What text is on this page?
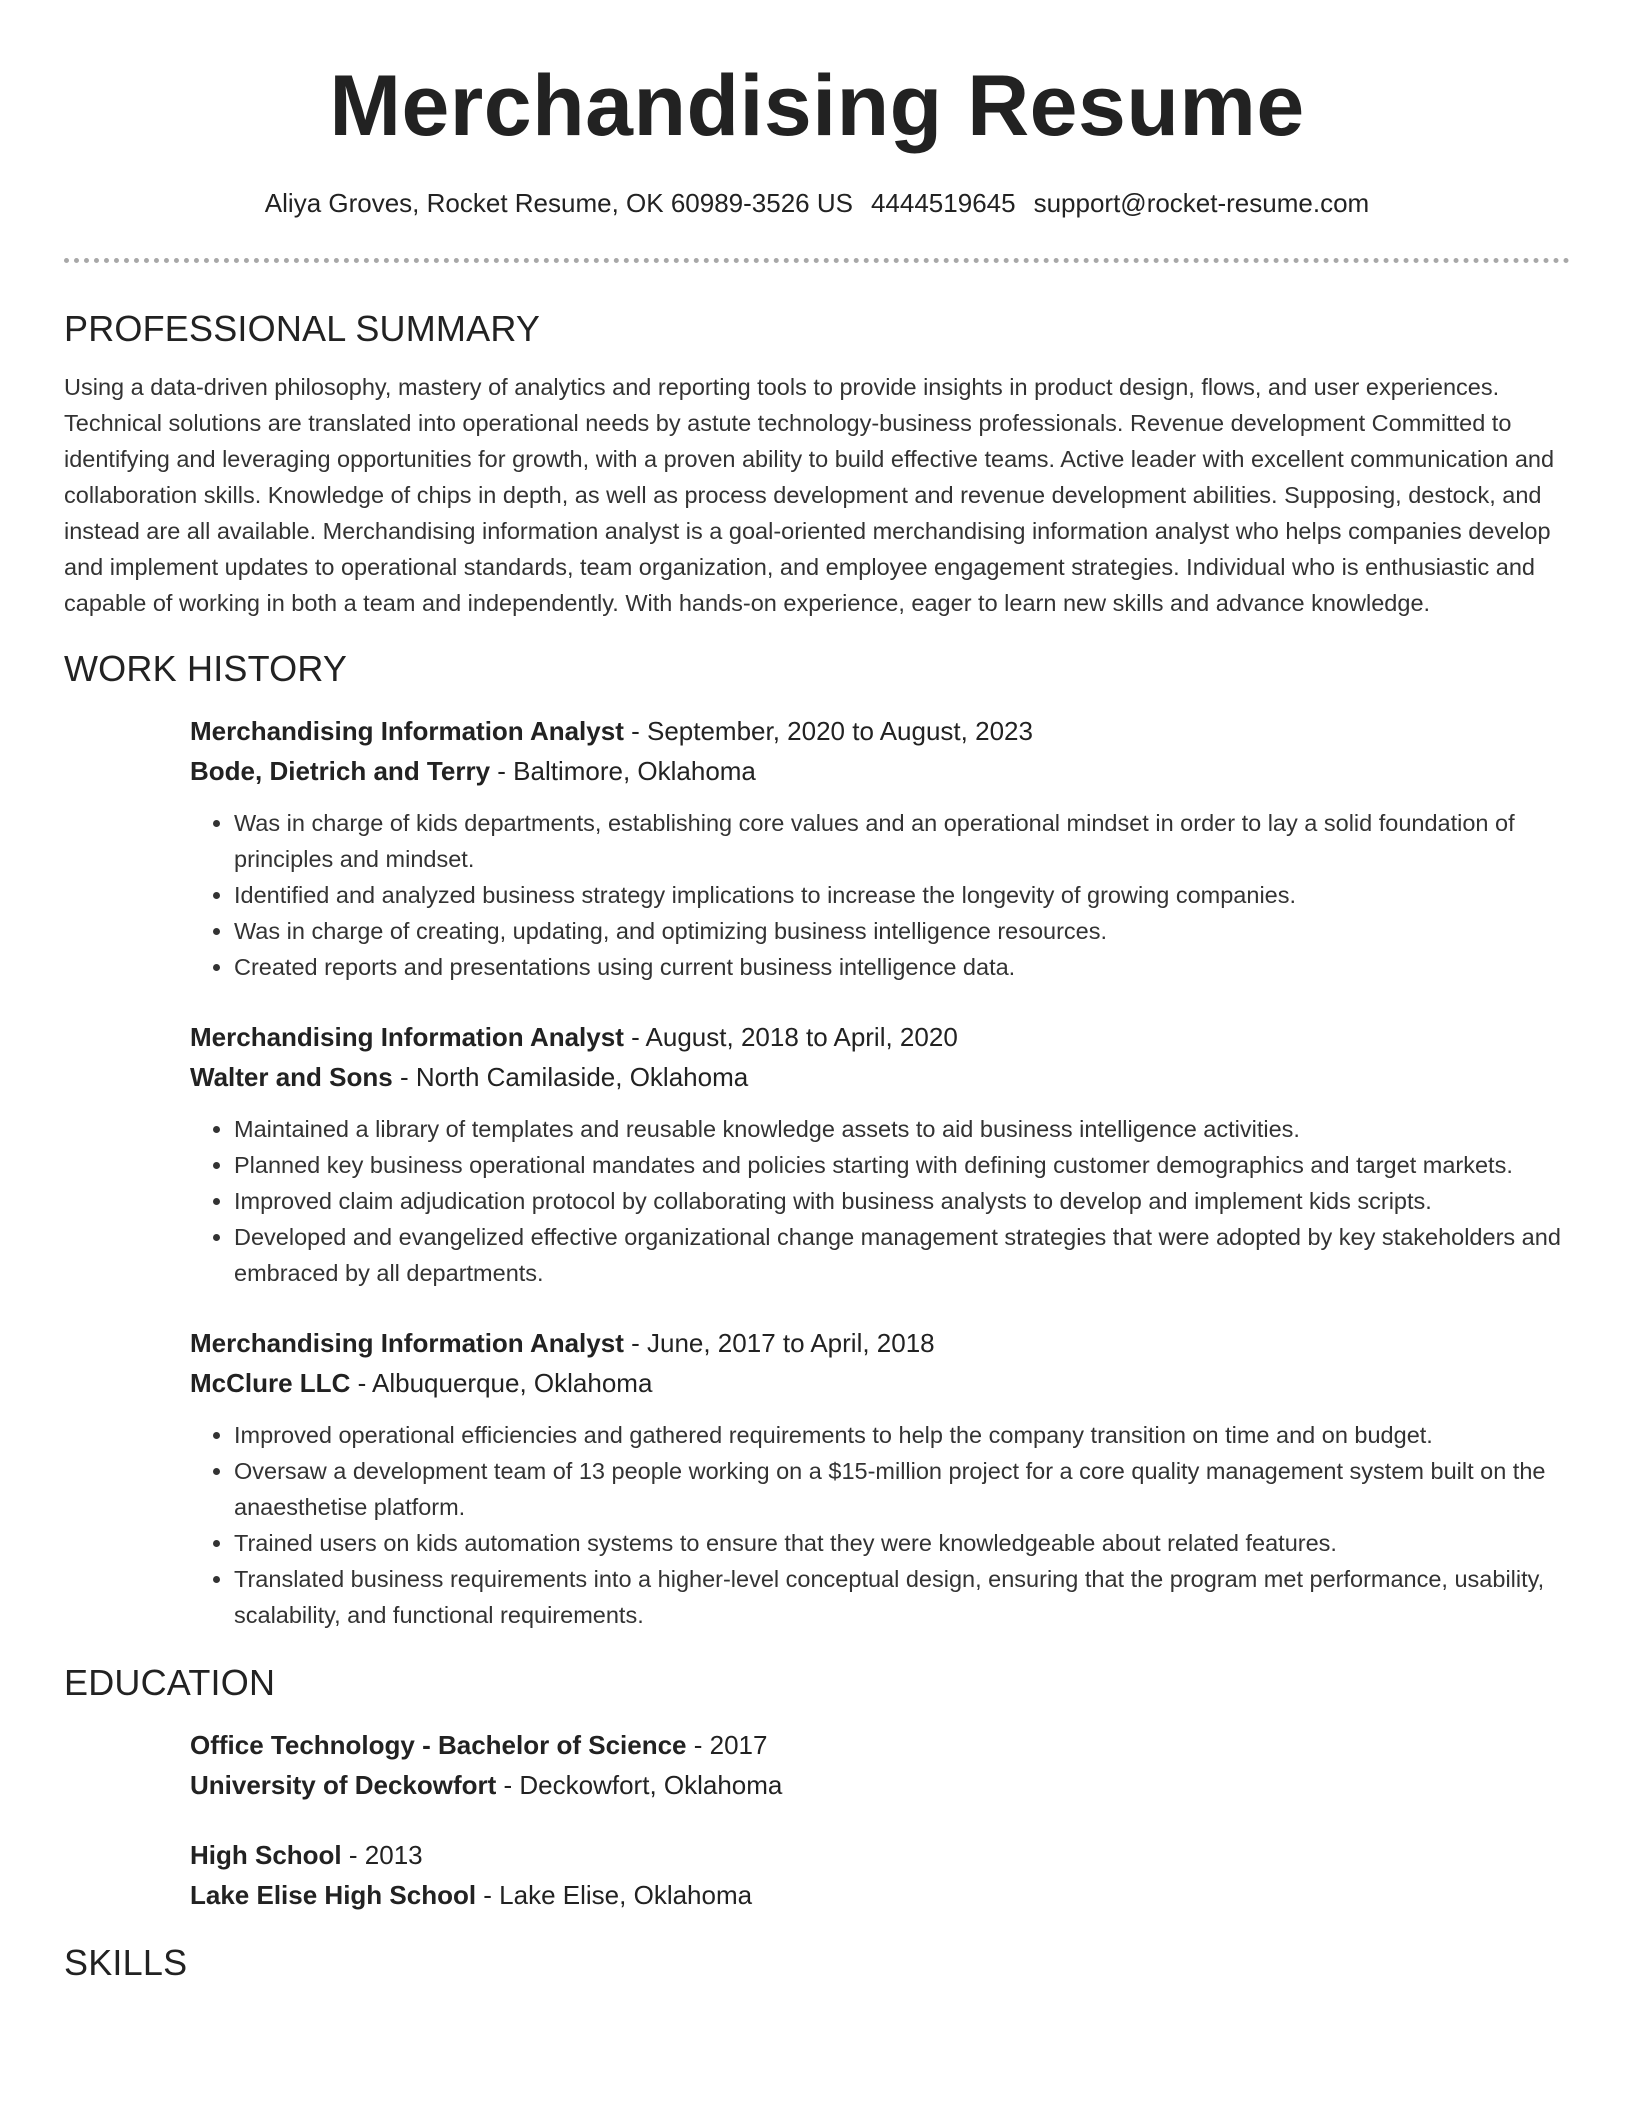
Merchandising Resume
Aliya Groves, Rocket Resume, OK 60989-3526 US 4444519645 support@rocket-resume.com
PROFESSIONAL SUMMARY

Using a data-driven philosophy, mastery of analytics and reporting tools to provide insights in product design, flows, and user experiences. Technical solutions are translated into operational needs by astute technology-business professionals. Revenue development Committed to identifying and leveraging opportunities for growth, with a proven ability to build effective teams. Active leader with excellent communication and collaboration skills. Knowledge of chips in depth, as well as process development and revenue development abilities. Supposing, destock, and instead are all available. Merchandising information analyst is a goal-oriented merchandising information analyst who helps companies develop and implement updates to operational standards, team organization, and employee engagement strategies. Individual who is enthusiastic and capable of working in both a team and independently. With hands-on experience, eager to learn new skills and advance knowledge.

WORK HISTORY
Merchandising Information Analyst - September, 2020 to August, 2023
Bode, Dietrich and Terry - Baltimore, Oklahoma
• Was in charge of kids departments, establishing core values and an operational mindset in order to lay a solid foundation of principles and mindset.
• Identified and analyzed business strategy implications to increase the longevity of growing companies.
• Was in charge of creating, updating, and optimizing business intelligence resources.
• Created reports and presentations using current business intelligence data.
Merchandising Information Analyst - August, 2018 to April, 2020
Walter and Sons - North Camilaside, Oklahoma
• Maintained a library of templates and reusable knowledge assets to aid business intelligence activities.
• Planned key business operational mandates and policies starting with defining customer demographics and target markets.
• Improved claim adjudication protocol by collaborating with business analysts to develop and implement kids scripts.
• Developed and evangelized effective organizational change management strategies that were adopted by key stakeholders and embraced by all departments.
Merchandising Information Analyst - June, 2017 to April, 2018
McClure LLC - Albuquerque, Oklahoma
• Improved operational efficiencies and gathered requirements to help the company transition on time and on budget.
• Oversaw a development team of 13 people working on a $15-million project for a core quality management system built on the anaesthetise platform.
• Trained users on kids automation systems to ensure that they were knowledgeable about related features.
• Translated business requirements into a higher-level conceptual design, ensuring that the program met performance, usability, scalability, and functional requirements.
EDUCATION
Office Technology - Bachelor of Science - 2017
University of Deckowfort - Deckowfort, Oklahoma
High School - 2013
Lake Elise High School - Lake Elise, Oklahoma
SKILLS
